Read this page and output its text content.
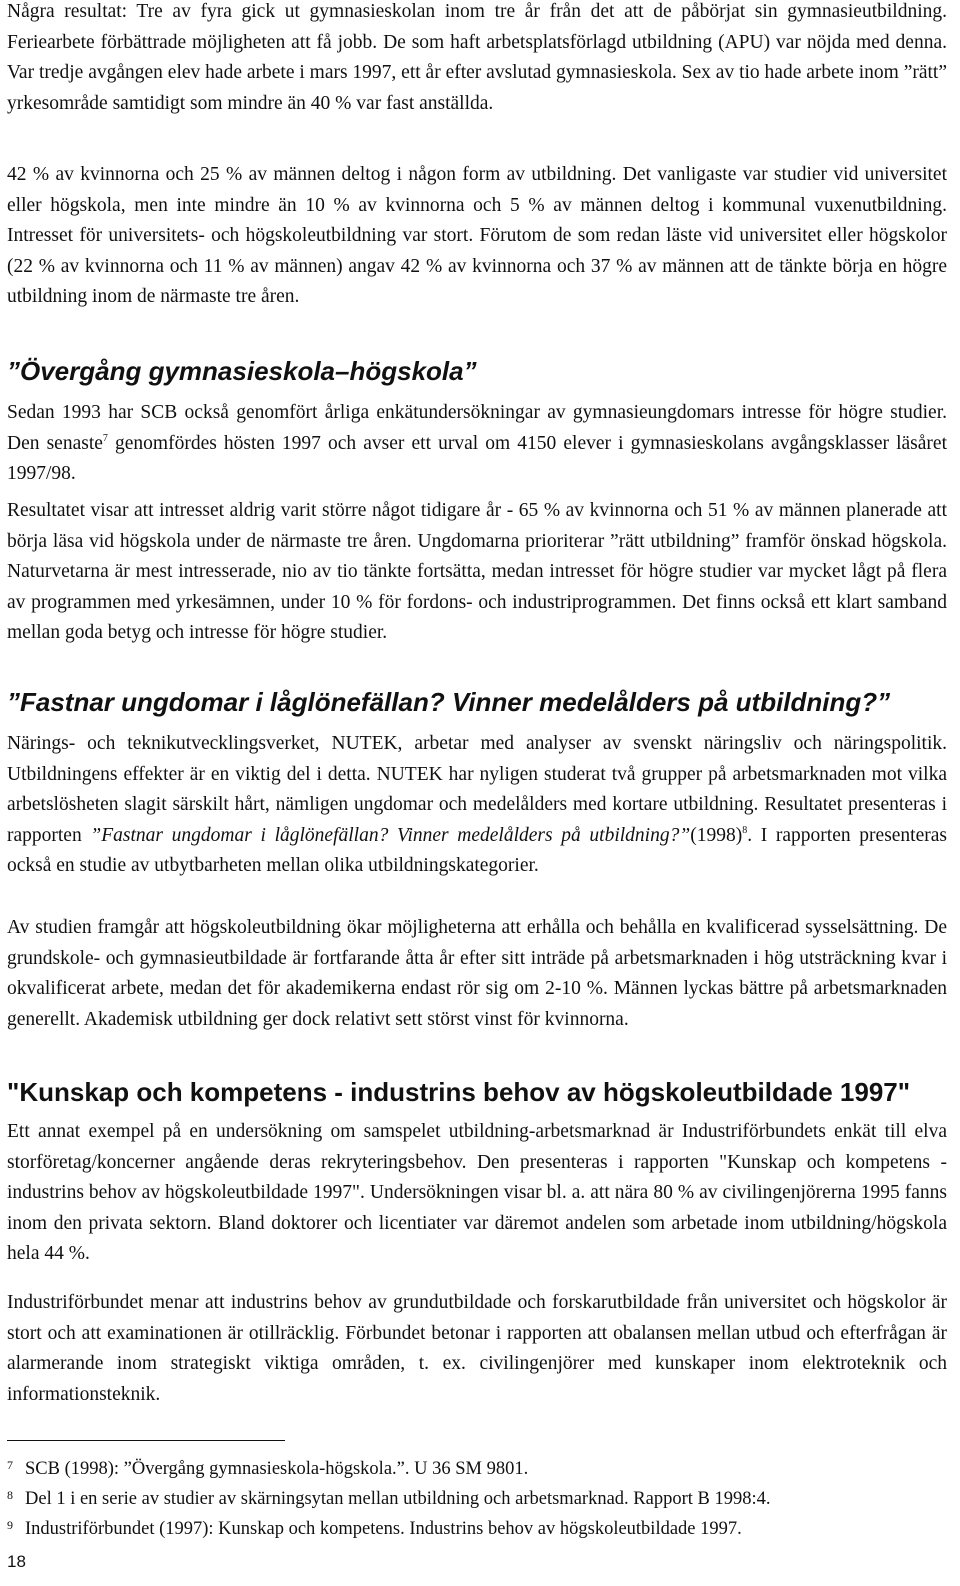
Några resultat: Tre av fyra gick ut gymnasieskolan inom tre år från det att de påbörjat sin gymnasieutbildning. Feriearbete förbättrade möjligheten att få jobb. De som haft arbetsplatsförlagd utbildning (APU) var nöjda med denna. Var tredje avgången elev hade arbete i mars 1997, ett år efter avslutad gymnasieskola. Sex av tio hade arbete inom ”rätt” yrkesområde samtidigt som mindre än 40 % var fast anställda.

42 % av kvinnorna och 25 % av männen deltog i någon form av utbildning. Det vanligaste var studier vid universitet eller högskola, men inte mindre än 10 % av kvinnorna och 5 % av männen deltog i kommunal vuxenutbildning. Intresset för universitets- och högskoleutbildning var stort. Förutom de som redan läste vid universitet eller högskolor (22 % av kvinnorna och 11 % av männen) angav 42 % av kvinnorna och 37 % av männen att de tänkte börja en högre utbildning inom de närmaste tre åren.

”Övergång gymnasieskola–högskola”

Sedan 1993 har SCB också genomfört årliga enkätundersökningar av gymnasieungdomars intresse för högre studier. Den senaste$^7$ genomfördes hösten 1997 och avser ett urval om 4150 elever i gymnasieskolans avgångsklasser läsåret 1997/98.

Resultatet visar att intresset aldrig varit större något tidigare år - 65 % av kvinnorna och 51 % av männen planerade att börja läsa vid högskola under de närmaste tre åren. Ungdomarna prioriterar ”rätt utbildning” framför önskad högskola. Naturvetarna är mest intresserade, nio av tio tänkte fortsätta, medan intresset för högre studier var mycket lågt på flera av programmen med yrkesämnen, under 10 % för fordons- och industriprogrammen. Det finns också ett klart samband mellan goda betyg och intresse för högre studier.

”Fastnar ungdomar i låglönefällan? Vinner medelålders på utbildning?”

Närings- och teknikutvecklingsverket, NUTEK, arbetar med analyser av svenskt näringsliv och näringspolitik. Utbildningens effekter är en viktig del i detta. NUTEK har nyligen studerat två grupper på arbetsmarknaden mot vilka arbetslösheten slagit särskilt hårt, nämligen ungdomar och medelålders med kortare utbildning. Resultatet presenteras i rapporten ”Fastnar ungdomar i låglönefällan? Vinner medelålders på $utbildning?”(1998)^8$. I rapporten presenteras också en studie av utbytbarheten mellan olika utbildningskategorier.

Av studien framgår att högskoleutbildning ökar möjligheterna att erhålla och behålla en kvalificerad sysselsättning. De grundskole- och gymnasieutbildade är fortfarande åtta år efter sitt inträde på arbetsmarknaden i hög utsträckning kvar i okvalificerat arbete, medan det för akademikerna endast rör sig om 2-10 %. Männen lyckas bättre på arbetsmarknaden generellt. Akademisk utbildning ger dock relativt sett störst vinst för kvinnorna.

"Kunskap och kompetens - industrins behov av högskoleutbildade 1997"

Ett annat exempel på en undersökning om samspelet utbildning-arbetsmarknad är Industriförbundets enkät till elva storföretag/koncerner angående deras rekryteringsbehov. Den presenteras i rapporten "Kunskap och kompetens - industrins behov av högskoleutbildade 1997". Undersökningen visar bl. a. att nära 80 % av civilingenjörerna 1995 fanns inom den privata sektorn. Bland doktorer och licentiater var däremot andelen som arbetade inom utbildning/högskola hela 44 %.

Industriförbundet menar att industrins behov av grundutbildade och forskarutbildade från universitet och högskolor är stort och att examinationen är otillräcklig. Förbundet betonar i rapporten att obalansen mellan utbud och efterfrågan är alarmerande inom strategiskt viktiga områden, t. ex. civilingenjörer med kunskaper inom elektroteknik och informationsteknik.

7 SCB (1998): ”Övergång gymnasieskola-högskola.”. U 36 SM 9801.

8 Del 1 i en serie av studier av skärningsytan mellan utbildning och arbetsmarknad. Rapport B 1998:4.

9 Industriförbundet (1997): Kunskap och kompetens. Industrins behov av högskoleutbildade 1997.

18
